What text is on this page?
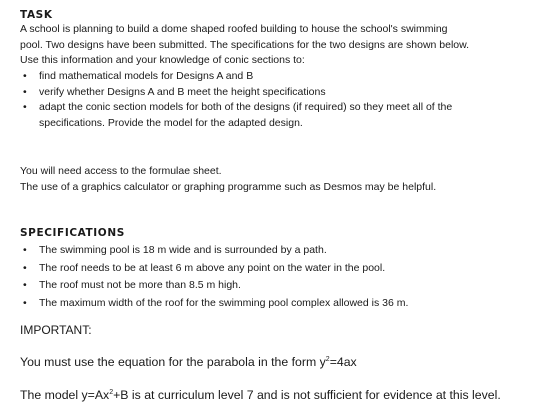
TASK
A school is planning to build a dome shaped roofed building to house the school's swimming
pool. Two designs have been submitted. The specifications for the two designs are shown below.
Use this information and your knowledge of conic sections to:
• find mathematical models for Designs A and B
• verify whether Designs A and B meet the height specifications
• adapt the conic section models for both of the designs (if required) so they meet all of the
specifications. Provide the model for the adapted design.
You will need access to the formulae sheet.
The use of a graphics calculator or graphing programme such as Desmos may be helpful.
SPECIFICATIONS
• The swimming pool is 18 m wide and is surrounded by a path.
• The roof needs to be at least 6 m above any point on the water in the pool.
• The roof must not be more than 8.5 m high.
• The maximum width of the roof for the swimming pool complex allowed is 36 m.
IMPORTANT:
You must use the equation for the parabola in the form $y^2=4ax$
The model $y=Ax^2+B$ is at curriculum level 7 and is not sufficient for evidence at this level.
